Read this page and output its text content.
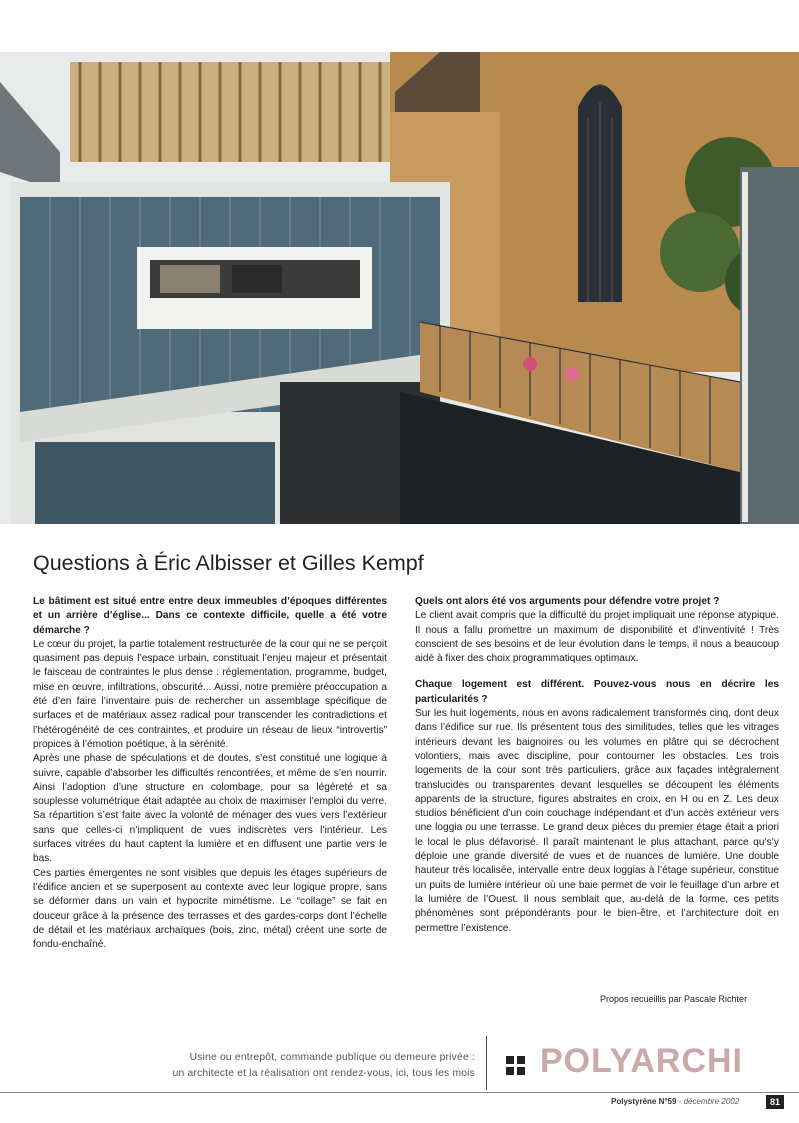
Questions à Éric Albisser et Gilles Kempf

Le bâtiment est situé entre entre deux immeubles d’époques différentes et un arrière d’église... Dans ce contexte difficile, quelle a été votre démarche ?

Le cœur du projet, la partie totalement restructurée de la cour qui ne se perçoit quasiment pas depuis l’espace urbain, constituait l’enjeu majeur et présentait le faisceau de contraintes le plus dense : réglementation, programme, budget, mise en œuvre, infiltrations, obscurité... Aussi, notre première préoccupation a été d’en faire l’inventaire puis de rechercher un assemblage spécifique de surfaces et de matériaux assez radical pour transcender les contradictions et l’hétérogénéité de ces contraintes, et produire un réseau de lieux “introvertis” propices à l’émotion poétique, à la sérénité.

Après une phase de spéculations et de doutes, s’est constitué une logique à suivre, capable d’absorber les difficultés rencontrées, et même de s’en nourrir. Ainsi l’adoption d’une structure en colombage, pour sa légèreté et sa souplesse volumétrique était adaptée au choix de maximiser l’emploi du verre. Sa répartition s’est faite avec la volonté de ménager des vues vers l’extérieur sans que celles-ci n’impliquent de vues indiscrètes vers l’intérieur. Les surfaces vitrées du haut captent la lumière et en diffusent une partie vers le bas.

Ces parties émergentes ne sont visibles que depuis les étages supérieurs de l’édifice ancien et se superposent au contexte avec leur logique propre, sans se déformer dans un vain et hypocrite mimétisme. Le “collage” se fait en douceur grâce à la présence des terrasses et des gardes-corps dont l’échelle de détail et les matériaux archaïques (bois, zinc, métal) créent une sorte de fondu-enchaîné.

Quels ont alors été vos arguments pour défendre votre projet ?

Le client avait compris que la difficulté du projet impliquait une réponse atypique. Il nous a fallu promettre un maximum de disponibilité et d’inventivité ! Très conscient de ses besoins et de leur évolution dans le temps, il nous a beaucoup aidé à fixer des choix programmatiques optimaux.

Chaque logement est différent. Pouvez-vous nous en décrire les particularités ?

Sur les huit logements, nous en avons radicalement transformés cinq, dont deux dans l’édifice sur rue. Ils présentent tous des similitudes, telles que les vitrages intérieurs devant les baignoires ou les volumes en plâtre qui se décrochent volontiers, mais avec discipline, pour contourner les obstacles. Les trois logements de la cour sont très particuliers, grâce aux façades intégralement translucides ou transparentes devant lesquelles se découpent les éléments apparents de la structure, figures abstraites en croix, en H ou en Z. Les deux studios bénéficient d’un coin couchage indépendant et d’un accès extérieur vers une loggia ou une terrasse. Le grand deux pièces du premier étage était a priori le local le plus défavorisé. Il paraît maintenant le plus attachant, parce qu’s’y déploie une grande diversité de vues et de nuances de lumière. Une double hauteur très localisée, intervalle entre deux loggias à l’étage supérieur, constitue un puits de lumière intérieur où une baie permet de voir le feuillage d’un arbre et la lumière de l’Ouest. Il nous semblait que, au-delà de la forme, ces petits phénomènes sont prépondérants pour le bien-être, et l’architecture doit en permettre l’existence.

Propos recueillis par Pascale Richter
Usine ou entrepôt, commande publique ou demeure privée :
un architecte et la réalisation ont rendez-vous, ici, tous les mois POLYARCHI
Polystyrène N°59 - décembre 2002	81
